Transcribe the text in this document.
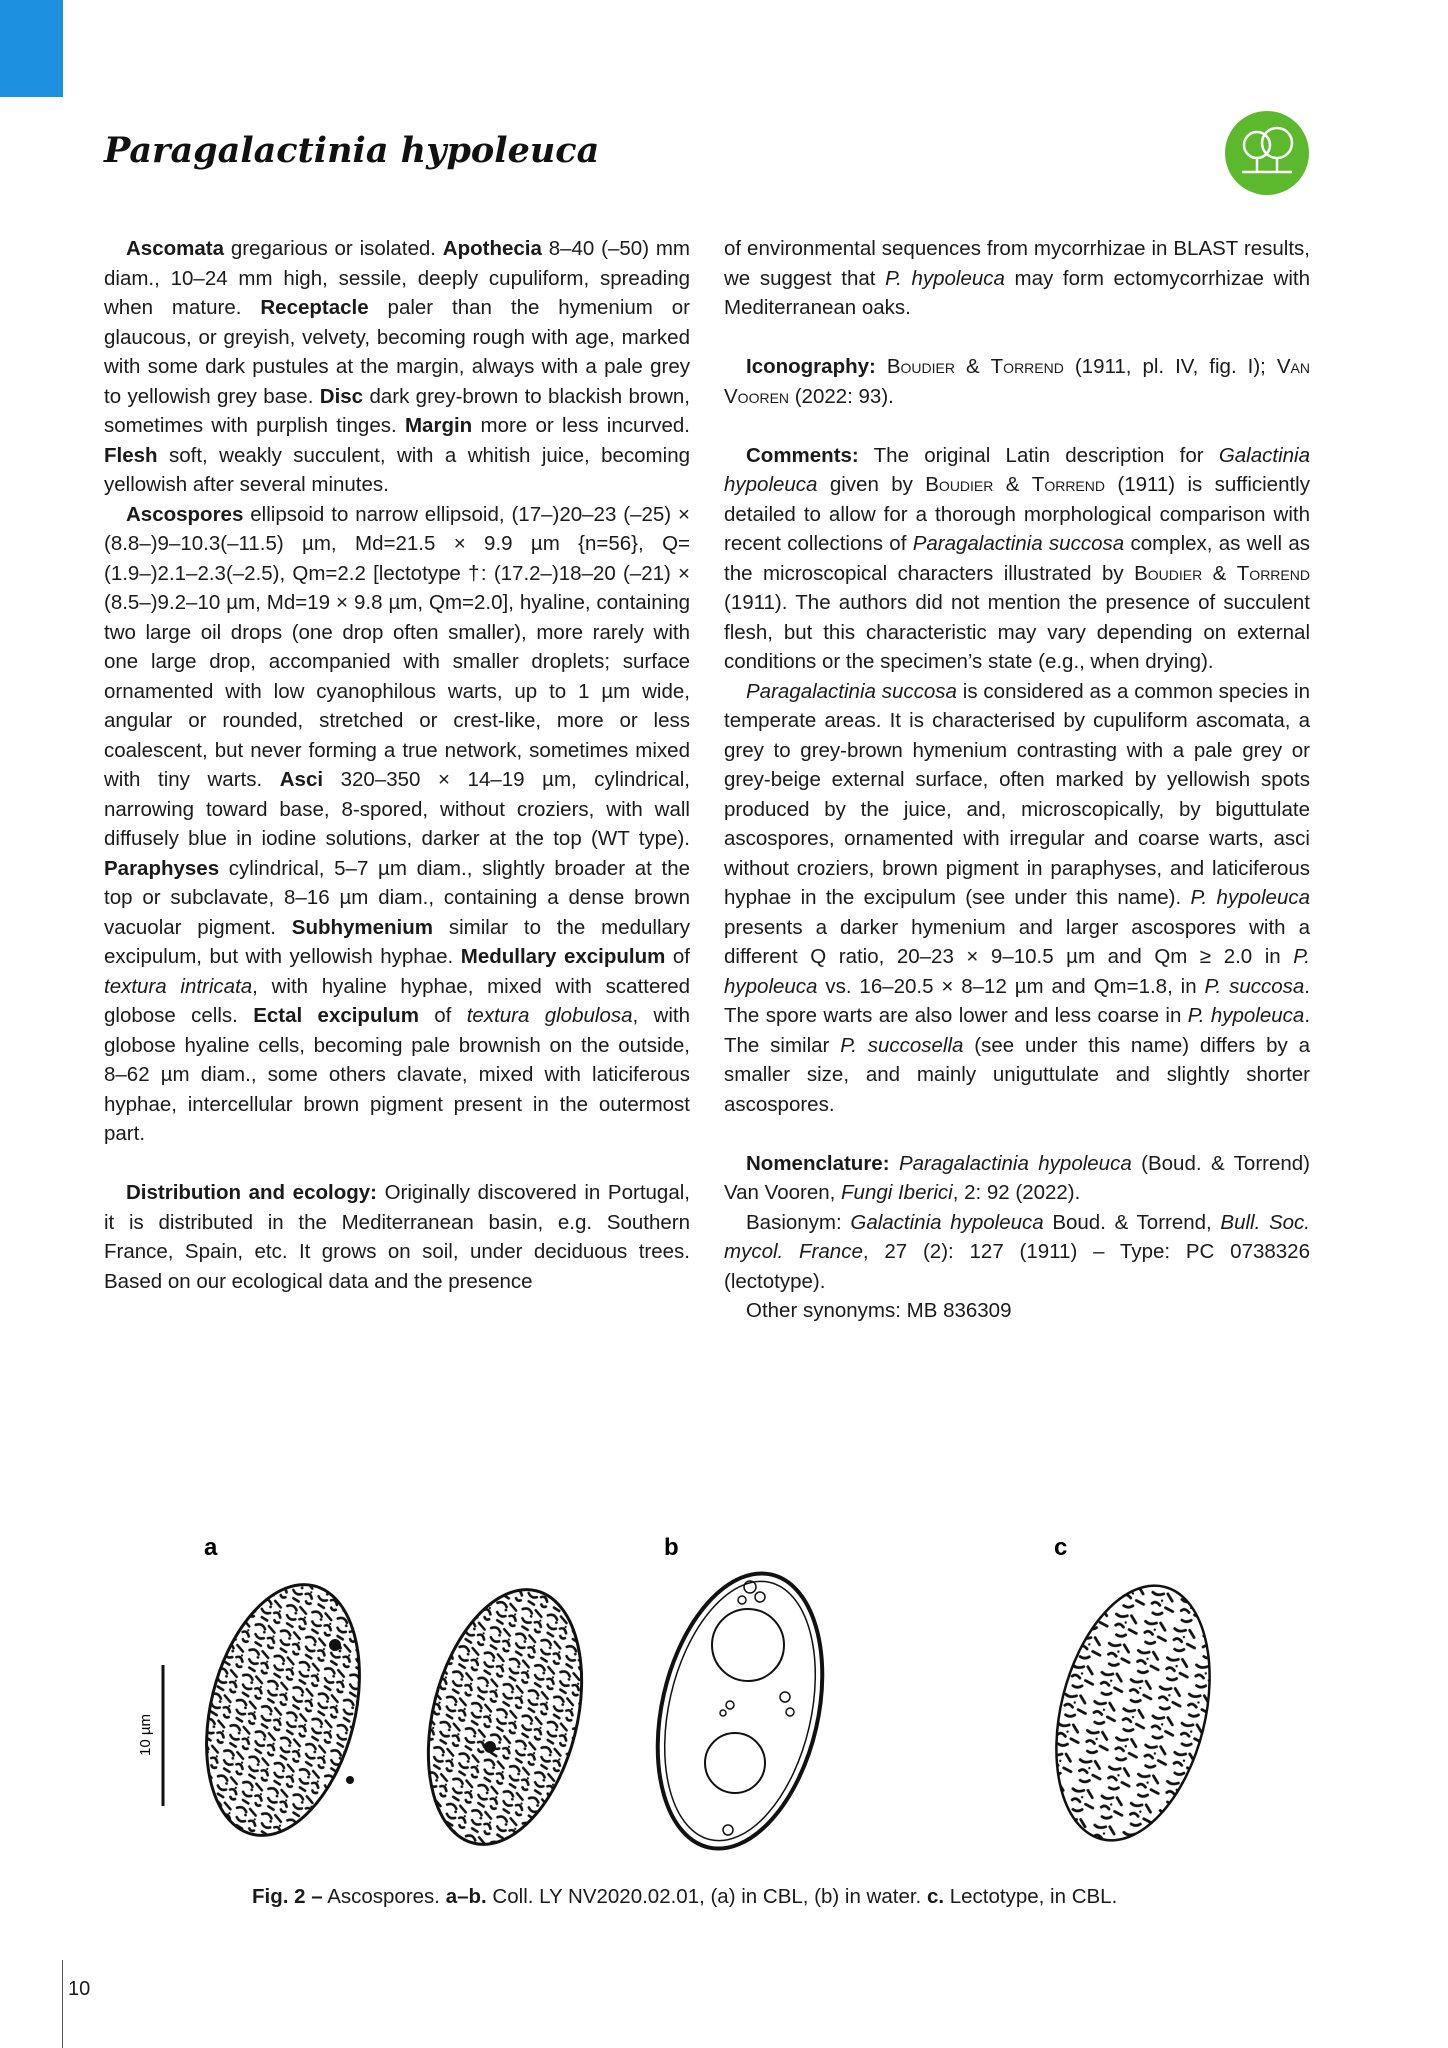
Paragalactinia hypoleuca

Ascomata gregarious or isolated. Apothecia 8–40 (–50) mm diam., 10–24 mm high, sessile, deeply cupuliform, spreading when mature. Receptacle paler than the hymenium or glaucous, or greyish, velvety, becoming rough with age, marked with some dark pustules at the margin, always with a pale grey to yellowish grey base. Disc dark grey-brown to blackish brown, sometimes with purplish tinges. Margin more or less incurved. Flesh soft, weakly succulent, with a whitish juice, becoming yellowish after several minutes.

Ascospores ellipsoid to narrow ellipsoid, (17–)20–23 (–25) × (8.8–)9–10.3(–11.5) µm, Md=21.5 × 9.9 µm {n=56}, Q=(1.9–)2.1–2.3(–2.5), Qm=2.2 [lectotype †: (17.2–)18–20 (–21) × (8.5–)9.2–10 µm, Md=19 × 9.8 µm, Qm=2.0], hyaline, containing two large oil drops (one drop often smaller), more rarely with one large drop, accompanied with smaller droplets; surface ornamented with low cyanophilous warts, up to 1 µm wide, angular or rounded, stretched or crest-like, more or less coalescent, but never forming a true network, sometimes mixed with tiny warts. Asci 320–350 × 14–19 µm, cylindrical, narrowing toward base, 8-spored, without croziers, with wall diffusely blue in iodine solutions, darker at the top (WT type). Paraphyses cylindrical, 5–7 µm diam., slightly broader at the top or subclavate, 8–16 µm diam., containing a dense brown vacuolar pigment. Subhymenium similar to the medullary excipulum, but with yellowish hyphae. Medullary excipulum of textura intricata, with hyaline hyphae, mixed with scattered globose cells. Ectal excipulum of textura globulosa, with globose hyaline cells, becoming pale brownish on the outside, 8–62 µm diam., some others clavate, mixed with laticiferous hyphae, intercellular brown pigment present in the outermost part.

Distribution and ecology: Originally discovered in Portugal, it is distributed in the Mediterranean basin, e.g. Southern France, Spain, etc. It grows on soil, under deciduous trees. Based on our ecological data and the presence

of environmental sequences from mycorrhizae in BLAST results, we suggest that P. hypoleuca may form ectomycorrhizae with Mediterranean oaks.

Iconography: Boudier & Torrend (1911, pl. IV, fig. I); Van Vooren (2022: 93).

Comments: The original Latin description for Galactinia hypoleuca given by Boudier & Torrend (1911) is sufficiently detailed to allow for a thorough morphological comparison with recent collections of Paragalactinia succosa complex, as well as the microscopical characters illustrated by Boudier & Torrend (1911). The authors did not mention the presence of succulent flesh, but this characteristic may vary depending on external conditions or the specimen’s state (e.g., when drying).

Paragalactinia succosa is considered as a common species in temperate areas. It is characterised by cupuliform ascomata, a grey to grey-brown hymenium contrasting with a pale grey or grey-beige external surface, often marked by yellowish spots produced by the juice, and, microscopically, by biguttulate ascospores, ornamented with irregular and coarse warts, asci without croziers, brown pigment in paraphyses, and laticiferous hyphae in the excipulum (see under this name). P. hypoleuca presents a darker hymenium and larger ascospores with a different Q ratio, 20–23 × 9–10.5 µm and Qm ≥ 2.0 in P. hypoleuca vs. 16–20.5 × 8–12 µm and Qm=1.8, in P. succosa. The spore warts are also lower and less coarse in P. hypoleuca. The similar P. succosella (see under this name) differs by a smaller size, and mainly uniguttulate and slightly shorter ascospores.

Nomenclature: Paragalactinia hypoleuca (Boud. & Torrend) Van Vooren, Fungi Iberici, 2: 92 (2022).

Basionym: Galactinia hypoleuca Boud. & Torrend, Bull. Soc. mycol. France, 27 (2): 127 (1911) – Type: PC 0738326 (lectotype).

Other synonyms: MB 836309

a	b	c
10 µm
Fig. 2 – Ascospores. a–b. Coll. LY NV2020.02.01, (a) in CBL, (b) in water. c. Lectotype, in CBL.
10
